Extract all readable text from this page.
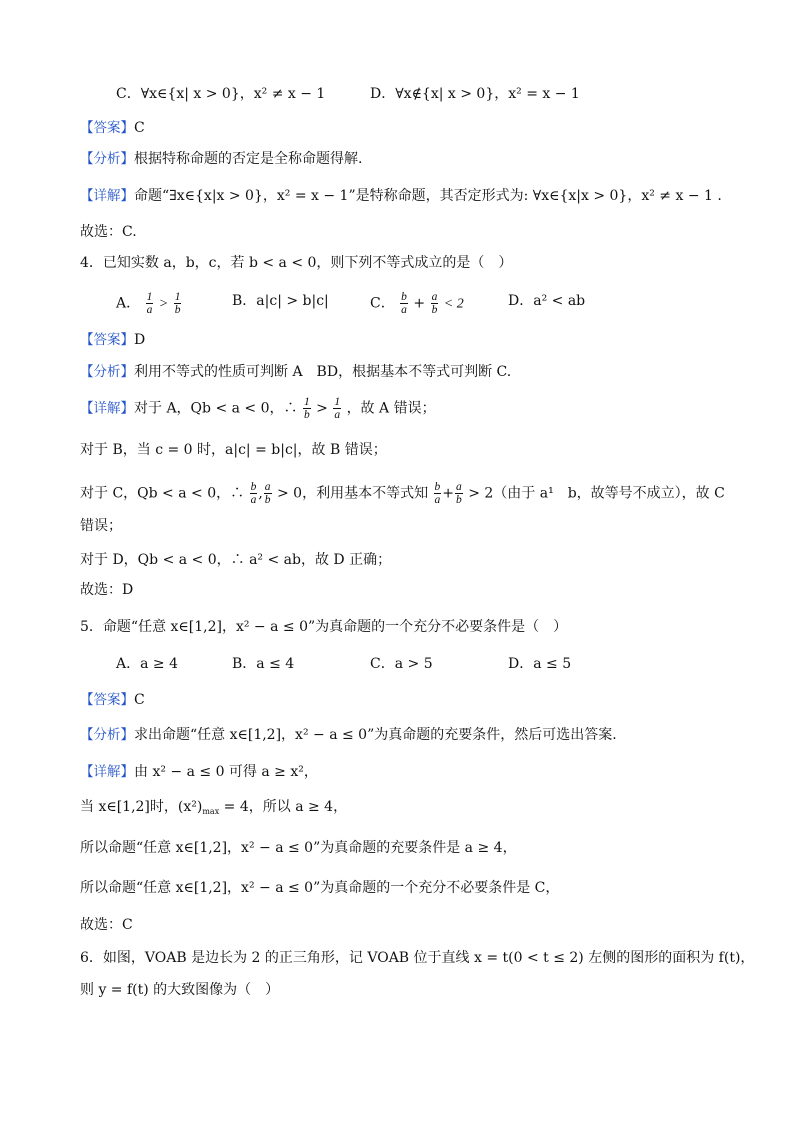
C．∀x∈{x| x > 0}，x² ≠ x − 1	D．∀x∉{x| x > 0}，x² = x − 1
【答案】C
【分析】根据特称命题的否定是全称命题得解.
【详解】命题“∃x∈{x|x > 0}，x² = x − 1”是特称命题，其否定形式为: ∀x∈{x|x > 0}，x² ≠ x − 1 .
故选：C.
4．已知实数 a，b，c，若 b < a < 0，则下列不等式成立的是（　）
A． $\frac{1}{a} > \frac{1}{b}$	B．a|c| > b|c|	C． $\frac{b}{a} + \frac{a}{b} < 2$	D．a² < ab
【答案】D
【分析】利用不等式的性质可判断 A　BD，根据基本不等式可判断 C.
【详解】对于 A，Qb < a < 0，∴ $\frac{1}{b} > \frac{1}{a}$ ，故 A 错误；
对于 B，当 c = 0 时，a|c| = b|c|，故 B 错误；
对于 C，Qb < a < 0，∴ $\frac{b}{a}$ , $\frac{a}{b} > 0$，利用基本不等式知 $\frac{b}{a} + \frac{a}{b} > 2$（由于 a¹　b，故等号不成立），故 C
错误；
对于 D，Qb < a < 0，∴ a² < ab，故 D 正确；
故选：D
5．命题“任意 x∈[1,2]，x² − a ≤ 0”为真命题的一个充分不必要条件是（　）
A．a ≥ 4	B．a ≤ 4	C．a > 5	D．a ≤ 5
【答案】C
【分析】求出命题“任意 x∈[1,2]，x² − a ≤ 0”为真命题的充要条件，然后可选出答案.
【详解】由 x² − a ≤ 0 可得 a ≥ x²，
当 x∈[1,2]时，$(x^2)_{max} = 4$，所以 a ≥ 4，
所以命题“任意 x∈[1,2]，x² − a ≤ 0”为真命题的充要条件是 a ≥ 4，
所以命题“任意 x∈[1,2]，x² − a ≤ 0”为真命题的一个充分不必要条件是 C，
故选：C
6．如图，VOAB 是边长为 2 的正三角形，记 VOAB 位于直线 x = t(0 < t ≤ 2) 左侧的图形的面积为 f(t)，
则 y = f(t) 的大致图像为（　）
